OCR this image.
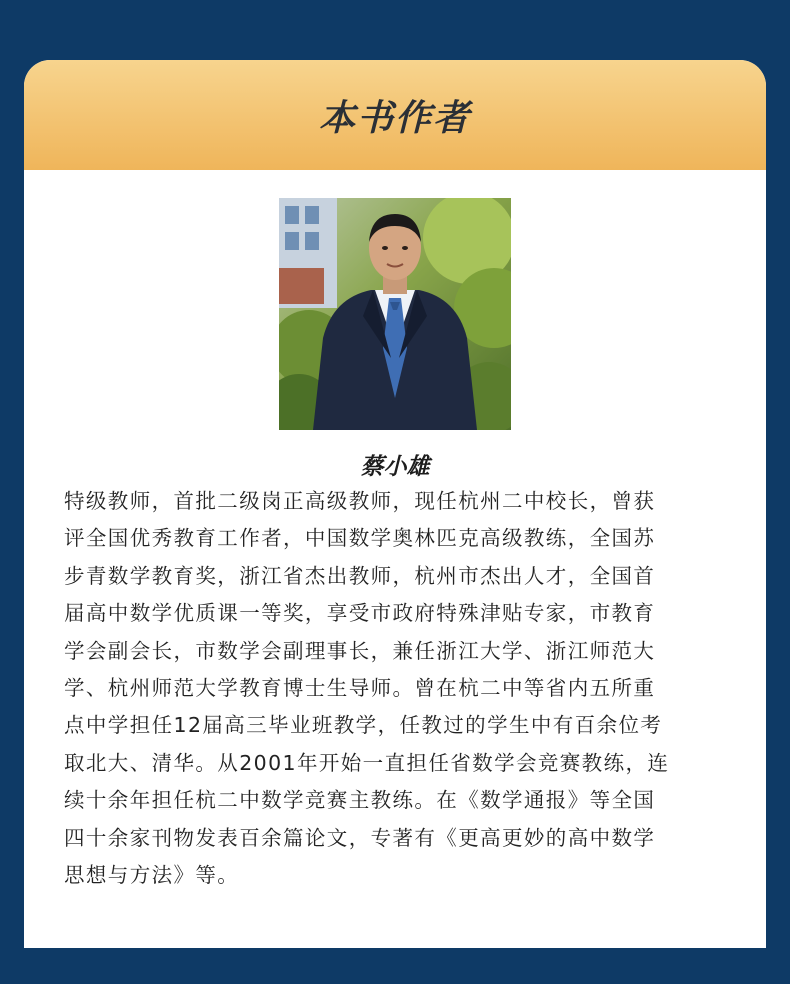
本书作者
蔡小雄
特级教师，首批二级岗正高级教师，现任杭州二中校长，曾获
评全国优秀教育工作者，中国数学奥林匹克高级教练，全国苏
步青数学教育奖，浙江省杰出教师，杭州市杰出人才，全国首
届高中数学优质课一等奖，享受市政府特殊津贴专家，市教育
学会副会长，市数学会副理事长，兼任浙江大学、浙江师范大
学、杭州师范大学教育博士生导师。曾在杭二中等省内五所重
点中学担任12届高三毕业班教学，任教过的学生中有百余位考
取北大、清华。从2001年开始一直担任省数学会竞赛教练，连
续十余年担任杭二中数学竞赛主教练。在《数学通报》等全国
四十余家刊物发表百余篇论文，专著有《更高更妙的高中数学
思想与方法》等。
